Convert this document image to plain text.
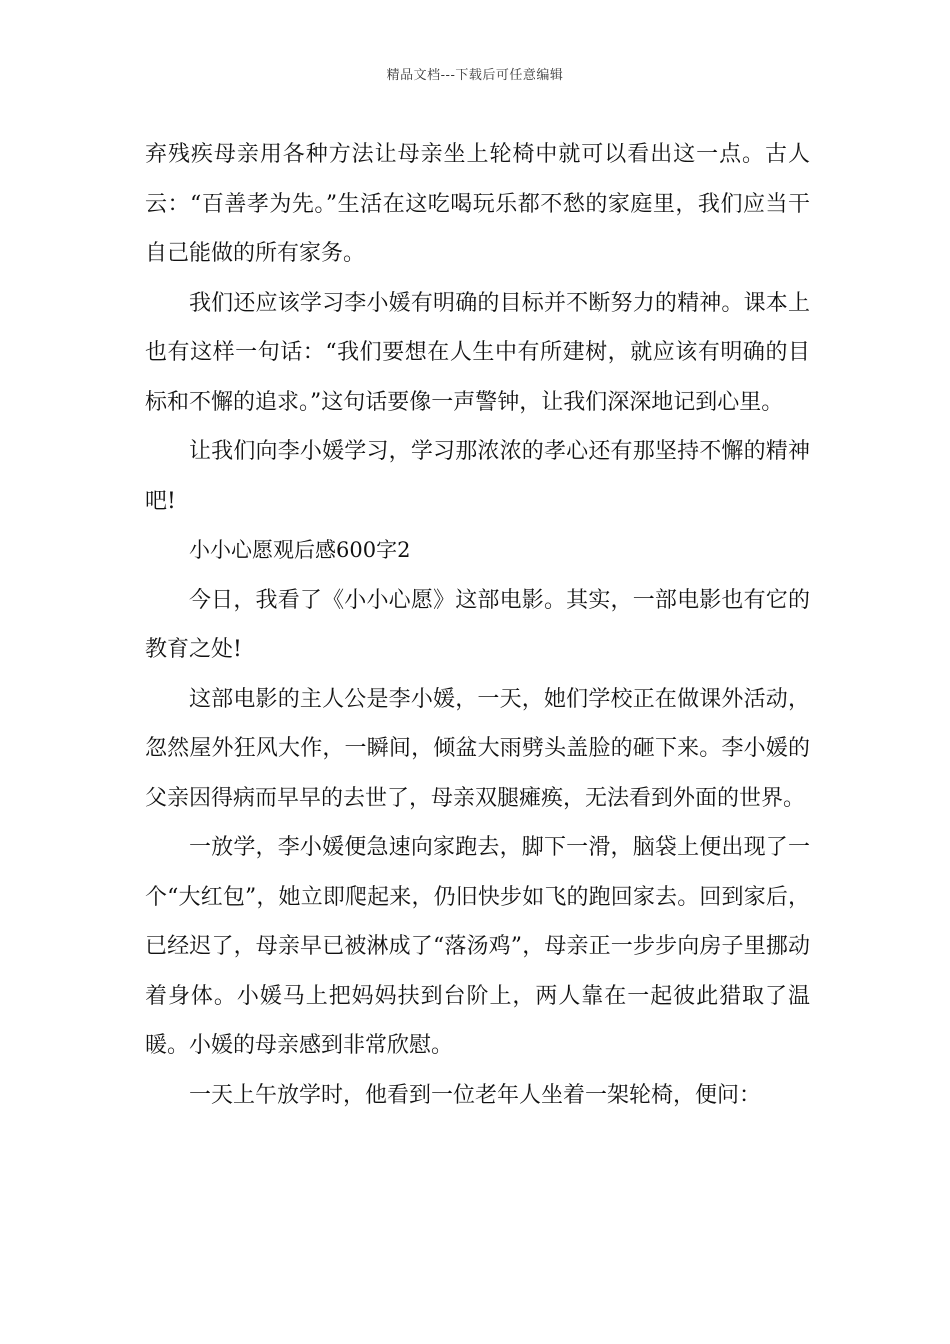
精品文档---下载后可任意编辑

弃残疾母亲用各种方法让母亲坐上轮椅中就可以看出这一点。古人云：“百善孝为先。”生活在这吃喝玩乐都不愁的家庭里，我们应当干自己能做的所有家务。

我们还应该学习李小媛有明确的目标并不断努力的精神。课本上也有这样一句话：“我们要想在人生中有所建树，就应该有明确的目标和不懈的追求。”这句话要像一声警钟，让我们深深地记到心里。

让我们向李小媛学习，学习那浓浓的孝心还有那坚持不懈的精神吧!

小小心愿观后感600字2

今日，我看了《小小心愿》这部电影。其实，一部电影也有它的教育之处!

这部电影的主人公是李小媛，一天，她们学校正在做课外活动，忽然屋外狂风大作，一瞬间，倾盆大雨劈头盖脸的砸下来。李小媛的父亲因得病而早早的去世了，母亲双腿瘫痪，无法看到外面的世界。

一放学，李小媛便急速向家跑去，脚下一滑，脑袋上便出现了一个“大红包”，她立即爬起来，仍旧快步如飞的跑回家去。回到家后，已经迟了，母亲早已被淋成了“落汤鸡”，母亲正一步步向房子里挪动着身体。小媛马上把妈妈扶到台阶上，两人靠在一起彼此猎取了温暖。小媛的母亲感到非常欣慰。

一天上午放学时，他看到一位老年人坐着一架轮椅，便问：
